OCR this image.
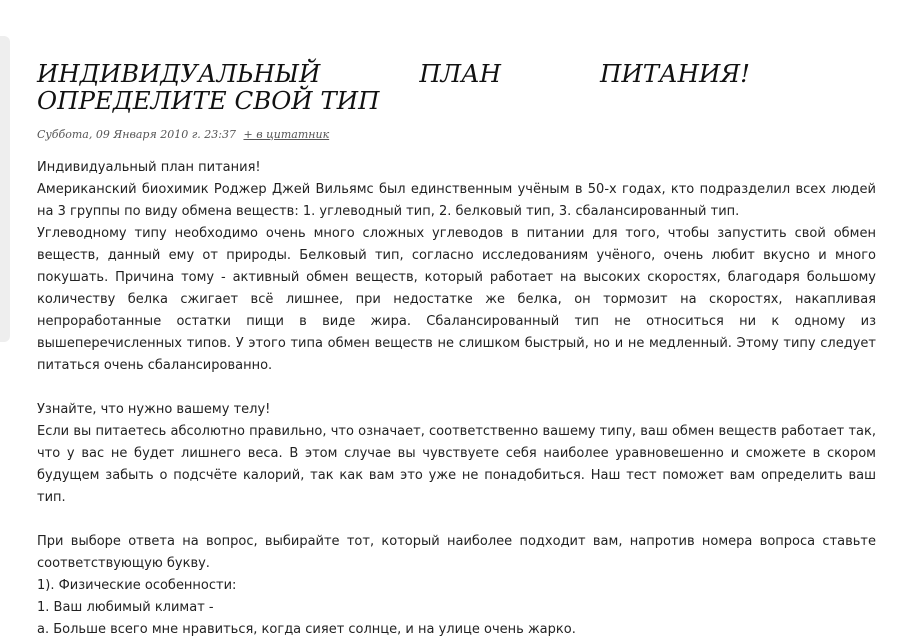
ИНДИВИДУАЛЬНЫЙ ПЛАН ПИТАНИЯ! ОПРЕДЕЛИТЕ СВОЙ ТИП
Суббота, 09 Января 2010 г. 23:37 + в цитатник

Индивидуальный план питания!

Американский биохимик Роджер Джей Вильямс был единственным учёным в 50-х годах, кто подразделил всех людей на 3 группы по виду обмена веществ: 1. углеводный тип, 2. белковый тип, 3. сбалансированный тип.

Углеводному типу необходимо очень много сложных углеводов в питании для того, чтобы запустить свой обмен веществ, данный ему от природы. Белковый тип, согласно исследованиям учёного, очень любит вкусно и много покушать. Причина тому - активный обмен веществ, который работает на высоких скоростях, благодаря большому количеству белка сжигает всё лишнее, при недостатке же белка, он тормозит на скоростях, накапливая непроработанные остатки пищи в виде жира. Сбалансированный тип не относиться ни к одному из вышеперечисленных типов. У этого типа обмен веществ не слишком быстрый, но и не медленный. Этому типу следует питаться очень сбалансированно.

Узнайте, что нужно вашему телу!

Если вы питаетесь абсолютно правильно, что означает, соответственно вашему типу, ваш обмен веществ работает так, что у вас не будет лишнего веса. В этом случае вы чувствуете себя наиболее уравновешенно и сможете в скором будущем забыть о подсчёте калорий, так как вам это уже не понадобиться. Наш тест поможет вам определить ваш тип.

При выборе ответа на вопрос, выбирайте тот, который наиболее подходит вам, напротив номера вопроса ставьте соответствующую букву.

1). Физические особенности:

1. Ваш любимый климат -

а. Больше всего мне нравиться, когда сияет солнце, и на улице очень жарко.
